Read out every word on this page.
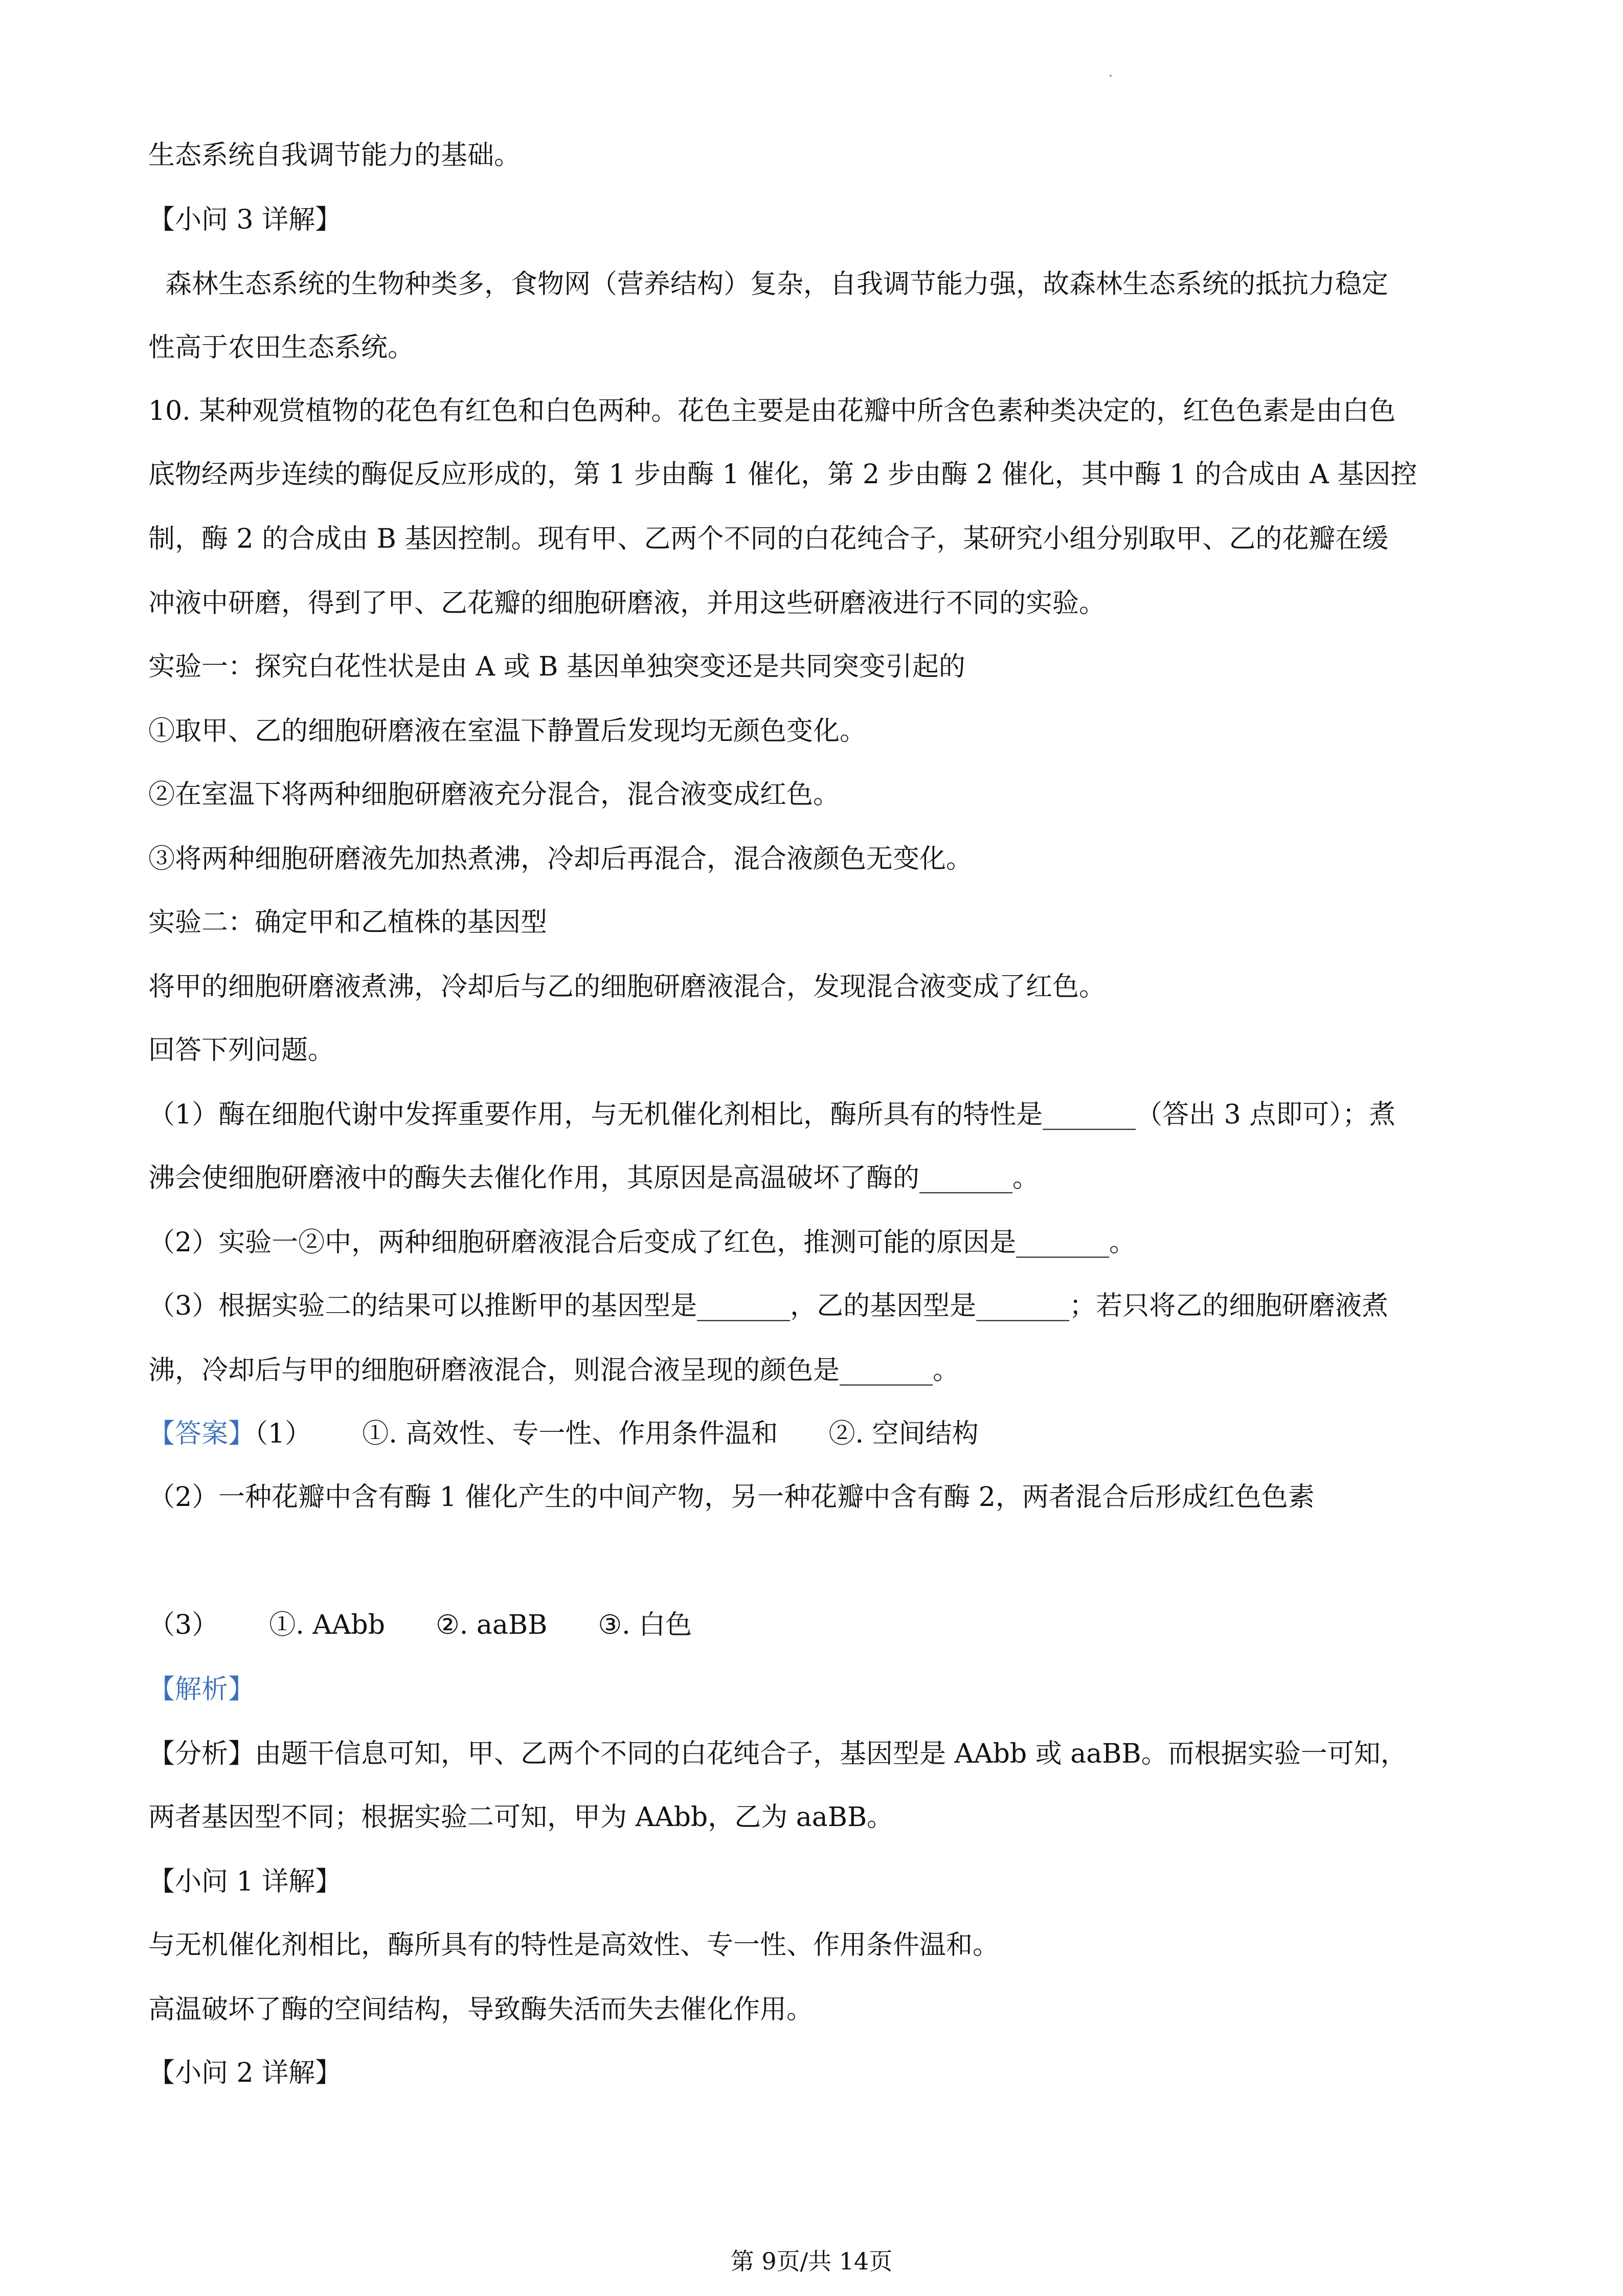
生态系统自我调节能力的基础。
【小问 3 详解】
森林生态系统的生物种类多，食物网（营养结构）复杂，自我调节能力强，故森林生态系统的抵抗力稳定
性高于农田生态系统。
10. 某种观赏植物的花色有红色和白色两种。花色主要是由花瓣中所含色素种类决定的，红色色素是由白色
底物经两步连续的酶促反应形成的，第 1 步由酶 1 催化，第 2 步由酶 2 催化，其中酶 1 的合成由 A 基因控
制，酶 2 的合成由 B 基因控制。现有甲、乙两个不同的白花纯合子，某研究小组分别取甲、乙的花瓣在缓
冲液中研磨，得到了甲、乙花瓣的细胞研磨液，并用这些研磨液进行不同的实验。
实验一：探究白花性状是由 A 或 B 基因单独突变还是共同突变引起的
①取甲、乙的细胞研磨液在室温下静置后发现均无颜色变化。
②在室温下将两种细胞研磨液充分混合，混合液变成红色。
③将两种细胞研磨液先加热煮沸，冷却后再混合，混合液颜色无变化。
实验二：确定甲和乙植株的基因型
将甲的细胞研磨液煮沸，冷却后与乙的细胞研磨液混合，发现混合液变成了红色。
回答下列问题。
（1）酶在细胞代谢中发挥重要作用，与无机催化剂相比，酶所具有的特性是_______（答出 3 点即可）；煮
沸会使细胞研磨液中的酶失去催化作用，其原因是高温破坏了酶的_______。
（2）实验一②中，两种细胞研磨液混合后变成了红色，推测可能的原因是_______。
（3）根据实验二的结果可以推断甲的基因型是_______，乙的基因型是_______；若只将乙的细胞研磨液煮
沸，冷却后与甲的细胞研磨液混合，则混合液呈现的颜色是_______。
【答案】（1）      ①. 高效性、专一性、作用条件温和      ②. 空间结构
（2）一种花瓣中含有酶 1 催化产生的中间产物，另一种花瓣中含有酶 2，两者混合后形成红色色素
（3）      ①. AAbb      ②. aaBB      ③. 白色
【解析】
【分析】由题干信息可知，甲、乙两个不同的白花纯合子，基因型是 AAbb 或 aaBB。而根据实验一可知，
两者基因型不同；根据实验二可知，甲为 AAbb，乙为 aaBB。
【小问 1 详解】
与无机催化剂相比，酶所具有的特性是高效性、专一性、作用条件温和。
高温破坏了酶的空间结构，导致酶失活而失去催化作用。
【小问 2 详解】
第 9页/共 14页
